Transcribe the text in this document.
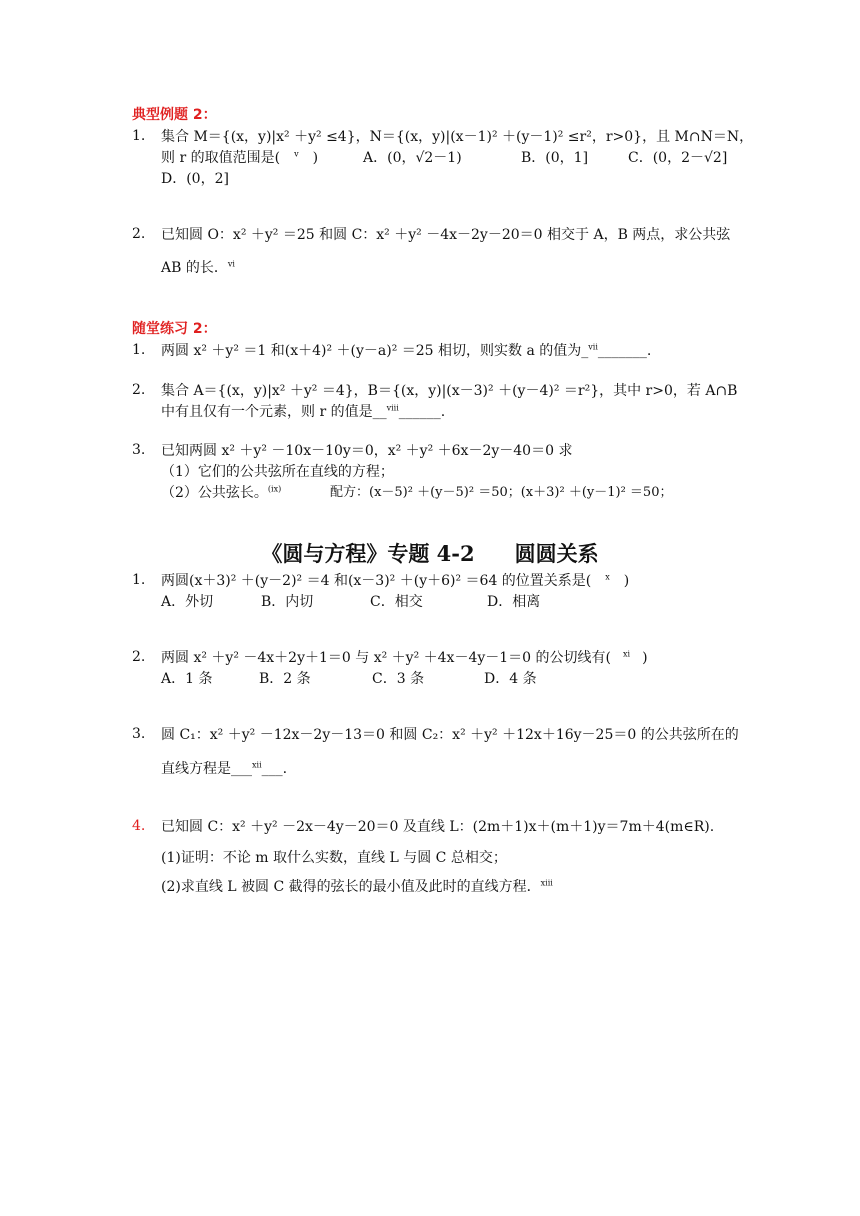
典型例题 2：
1. 集合 M＝{(x，y)|x² ＋y² ≤4}，N＝{(x，y)|(x－1)² ＋(y－1)² ≤r²，r>0}，且 M∩N＝N，
则 r 的取值范围是( $^v$ )	A．(0，√2－1)	B．(0，1]	C．(0，2－√2]
D．(0，2]
2. 已知圆 O：x² ＋y² ＝25 和圆 C：x² ＋y² －4x－2y－20＝0 相交于 A，B 两点，求公共弦
AB 的长．$^{vi}$
随堂练习 2：
1. 两圆 x² ＋y² ＝1 和(x＋4)² ＋(y－a)² ＝25 相切，则实数 a 的值为_$^{vii}$_______.
2. 集合 A＝{(x，y)|x² ＋y² ＝4}，B＝{(x，y)|(x－3)² ＋(y－4)² ＝r²}，其中 r>0，若 A∩B
中有且仅有一个元素，则 r 的值是__$^{viii}$______.
3. 已知两圆 x² ＋y² －10x－10y＝0，x² ＋y² ＋6x－2y－40＝0 求
（1）它们的公共弦所在直线的方程；
（2）公共弦长。$^{(ix)}$	配方：(x－5)² ＋(y－5)² ＝50；(x＋3)² ＋(y－1)² ＝50；
《圆与方程》专题 4-2 圆圆关系
1. 两圆(x＋3)² ＋(y－2)² ＝4 和(x－3)² ＋(y＋6)² ＝64 的位置关系是( $^x$ )
A．外切	B．内切	C．相交	D．相离
2. 两圆 x² ＋y² －4x＋2y＋1＝0 与 x² ＋y² ＋4x－4y－1＝0 的公切线有( $^{xi}$ )
A．1 条	B．2 条	C．3 条	D．4 条
3. 圆 C₁：x² ＋y² －12x－2y－13＝0 和圆 C₂：x² ＋y² ＋12x＋16y－25＝0 的公共弦所在的
直线方程是___$^{xii}$___.
4. 已知圆 C：x² ＋y² －2x－4y－20＝0 及直线 L：(2m＋1)x＋(m＋1)y＝7m＋4(m∈R).
(1)证明：不论 m 取什么实数，直线 L 与圆 C 总相交；
(2)求直线 L 被圆 C 截得的弦长的最小值及此时的直线方程．$^{xiii}$
